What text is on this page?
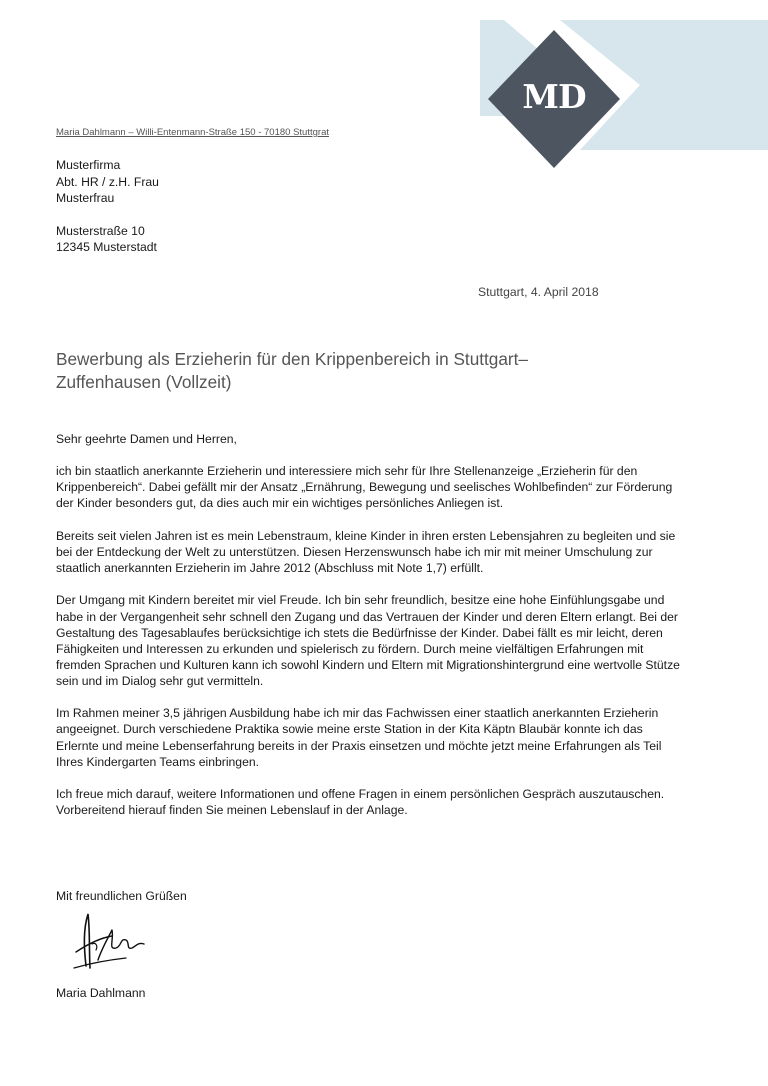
MD
Maria Dahlmann – Willi-Entenmann-Straße 150 - 70180 Stuttgrat
Musterfirma
Abt. HR / z.H. Frau
Musterfrau
Musterstraße 10
12345 Musterstadt
Stuttgart, 4. April 2018
Bewerbung als Erzieherin für den Krippenbereich in Stuttgart–Zuffenhausen (Vollzeit)

Sehr geehrte Damen und Herren,

ich bin staatlich anerkannte Erzieherin und interessiere mich sehr für Ihre Stellenanzeige „Erzieherin für den Krippenbereich“. Dabei gefällt mir der Ansatz „Ernährung, Bewegung und seelisches Wohlbefinden“ zur Förderung der Kinder besonders gut, da dies auch mir ein wichtiges persönliches Anliegen ist.

Bereits seit vielen Jahren ist es mein Lebenstraum, kleine Kinder in ihren ersten Lebensjahren zu begleiten und sie bei der Entdeckung der Welt zu unterstützen. Diesen Herzenswunsch habe ich mir mit meiner Umschulung zur staatlich anerkannten Erzieherin im Jahre 2012 (Abschluss mit Note 1,7) erfüllt.

Der Umgang mit Kindern bereitet mir viel Freude. Ich bin sehr freundlich, besitze eine hohe Einfühlungsgabe und habe in der Vergangenheit sehr schnell den Zugang und das Vertrauen der Kinder und deren Eltern erlangt. Bei der Gestaltung des Tagesablaufes berücksichtige ich stets die Bedürfnisse der Kinder. Dabei fällt es mir leicht, deren Fähigkeiten und Interessen zu erkunden und spielerisch zu fördern. Durch meine vielfältigen Erfahrungen mit fremden Sprachen und Kulturen kann ich sowohl Kindern und Eltern mit Migrationshintergrund eine wertvolle Stütze sein und im Dialog sehr gut vermitteln.

Im Rahmen meiner 3,5 jährigen Ausbildung habe ich mir das Fachwissen einer staatlich anerkannten Erzieherin angeeignet. Durch verschiedene Praktika sowie meine erste Station in der Kita Käptn Blaubär konnte ich das Erlernte und meine Lebenserfahrung bereits in der Praxis einsetzen und möchte jetzt meine Erfahrungen als Teil Ihres Kindergarten Teams einbringen.

Ich freue mich darauf, weitere Informationen und offene Fragen in einem persönlichen Gespräch auszutauschen. Vorbereitend hierauf finden Sie meinen Lebenslauf in der Anlage.

Mit freundlichen Grüßen
Maria Dahlmann
